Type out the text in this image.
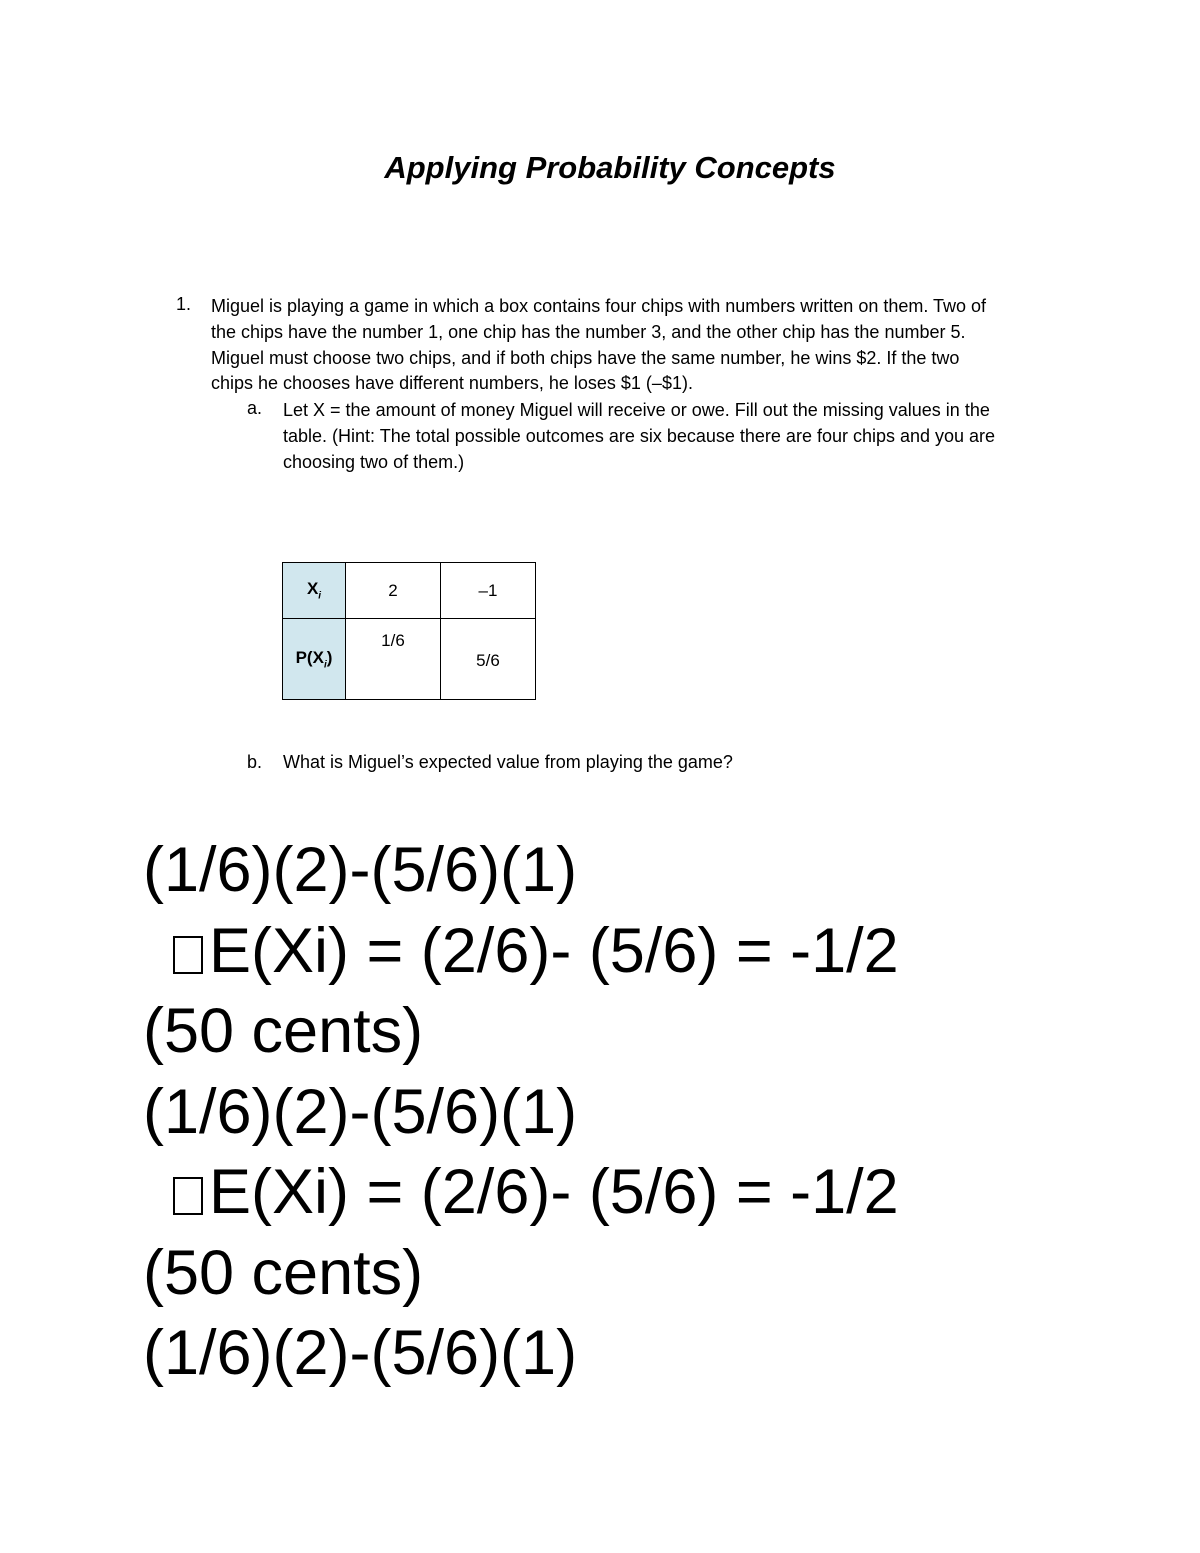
Applying Probability Concepts
1. Miguel is playing a game in which a box contains four chips with numbers written on them. Two of
the chips have the number 1, one chip has the number 3, and the other chip has the number 5.
Miguel must choose two chips, and if both chips have the same number, he wins $2. If the two
chips he chooses have different numbers, he loses $1 (–$1).
a. Let X = the amount of money Miguel will receive or owe. Fill out the missing values in the
table. (Hint: The total possible outcomes are six because there are four chips and you are
choosing two of them.)
$X_i$	2	–1
$P(X_i)$	1/6	5/6
b. What is Miguel’s expected value from playing the game?
(1/6)(2)-(5/6)(1)
E(Xi) = (2/6)- (5/6) = -1/2
(50 cents)
(1/6)(2)-(5/6)(1)
E(Xi) = (2/6)- (5/6) = -1/2
(50 cents)
(1/6)(2)-(5/6)(1)
